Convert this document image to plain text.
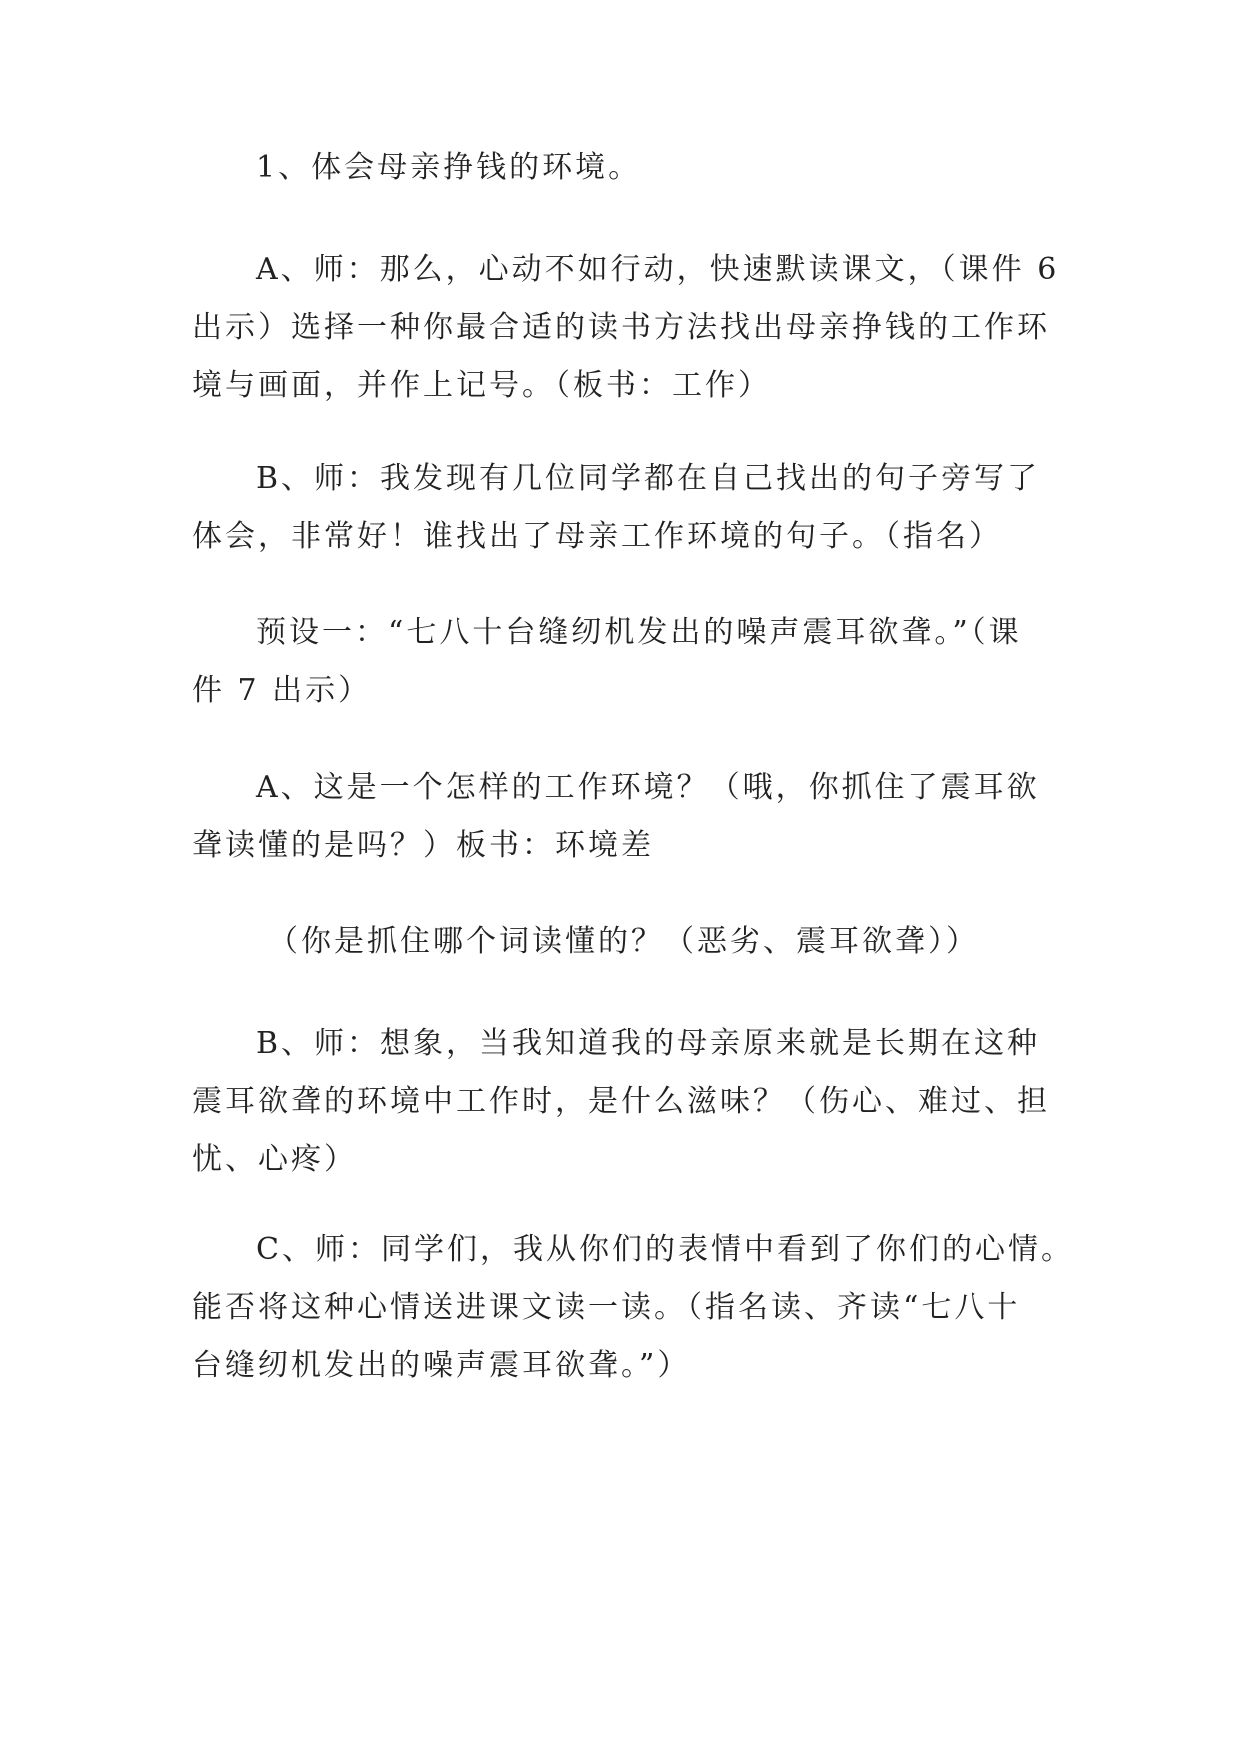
1、体会母亲挣钱的环境。
A、师：那么，心动不如行动，快速默读课文，（课件 6
出示）选择一种你最合适的读书方法找出母亲挣钱的工作环
境与画面，并作上记号。（板书：工作）
B、师：我发现有几位同学都在自己找出的句子旁写了
体会，非常好！谁找出了母亲工作环境的句子。（指名）
预设一：“七八十台缝纫机发出的噪声震耳欲聋。”（课
件 7 出示）
A、这是一个怎样的工作环境？（哦，你抓住了震耳欲
聋读懂的是吗？）板书：环境差
（你是抓住哪个词读懂的？（恶劣、震耳欲聋））
B、师：想象，当我知道我的母亲原来就是长期在这种
震耳欲聋的环境中工作时，是什么滋味？（伤心、难过、担
忧、心疼）
C、师：同学们，我从你们的表情中看到了你们的心情。
能否将这种心情送进课文读一读。（指名读、齐读“七八十
台缝纫机发出的噪声震耳欲聋。”）
